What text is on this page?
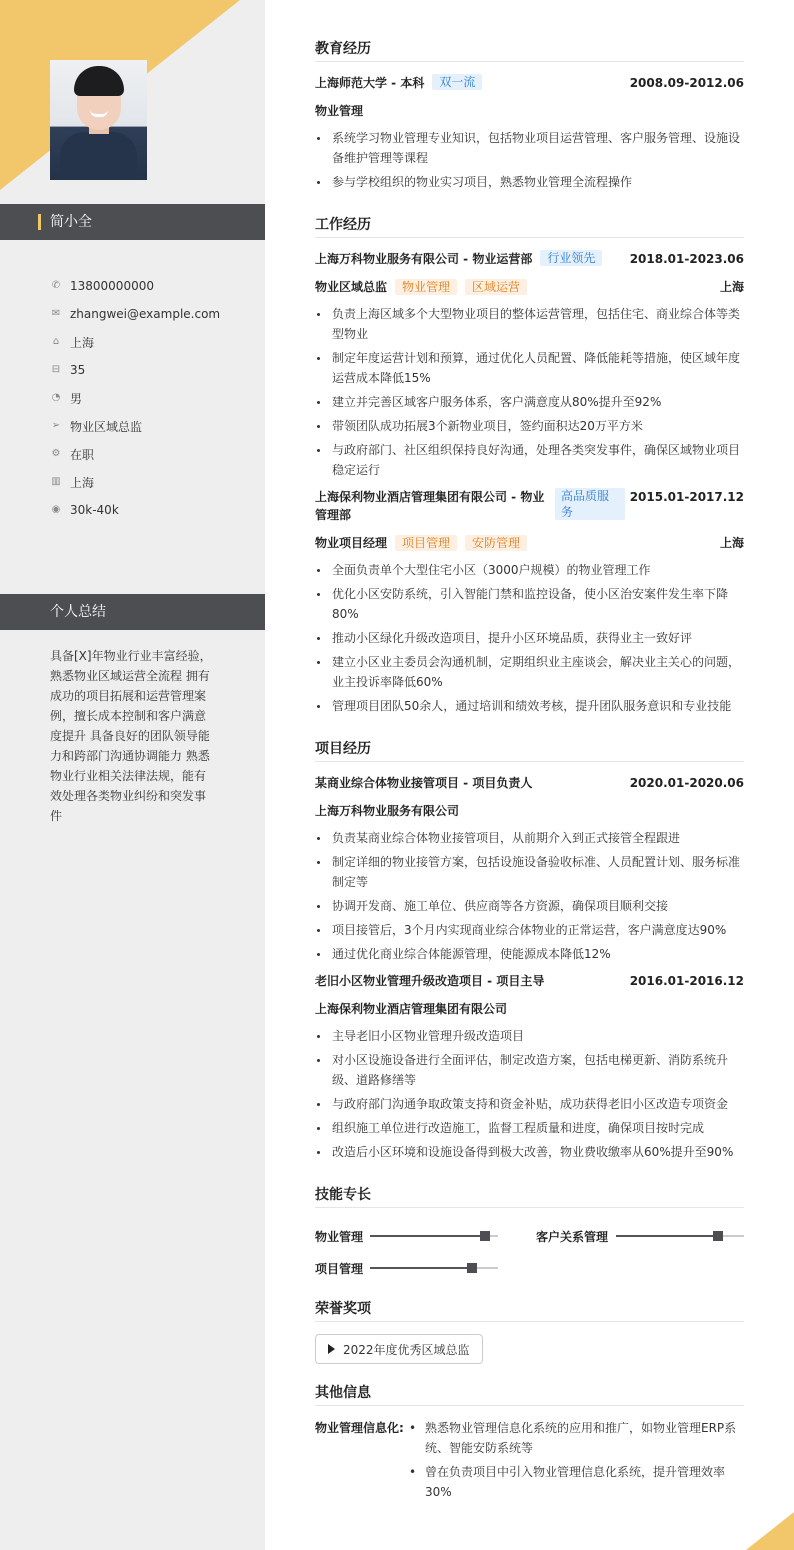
简小全
✆ 13800000000
✉ zhangwei@example.com
⌂ 上海
⊟ 35
◔ 男
➢ 物业区域总监
⚙ 在职
▥ 上海
◉ 30k-40k
个人总结
具备[X]年物业行业丰富经验，熟悉物业区域运营全流程 拥有成功的项目拓展和运营管理案例，擅长成本控制和客户满意度提升 具备良好的团队领导能力和跨部门沟通协调能力 熟悉物业行业相关法律法规，能有效处理各类物业纠纷和突发事件
教育经历
上海师范大学 - 本科	双一流	2008.09-2012.06
物业管理
系统学习物业管理专业知识，包括物业项目运营管理、客户服务管理、设施设备维护管理等课程
参与学校组织的物业实习项目，熟悉物业管理全流程操作
工作经历
上海万科物业服务有限公司 - 物业运营部	行业领先	2018.01-2023.06
物业区域总监	物业管理	区域运营	上海
负责上海区域多个大型物业项目的整体运营管理，包括住宅、商业综合体等类型物业
制定年度运营计划和预算，通过优化人员配置、降低能耗等措施，使区域年度运营成本降低15%
建立并完善区域客户服务体系，客户满意度从80%提升至92%
带领团队成功拓展3个新物业项目，签约面积达20万平方米
与政府部门、社区组织保持良好沟通，处理各类突发事件，确保区域物业项目稳定运行
上海保利物业酒店管理集团有限公司 - 物业管理部
高品质服务
2015.01-2017.12
物业项目经理	项目管理	安防管理	上海
全面负责单个大型住宅小区（3000户规模）的物业管理工作
优化小区安防系统，引入智能门禁和监控设备，使小区治安案件发生率下降80%
推动小区绿化升级改造项目，提升小区环境品质，获得业主一致好评
建立小区业主委员会沟通机制，定期组织业主座谈会，解决业主关心的问题，业主投诉率降低60%
管理项目团队50余人，通过培训和绩效考核，提升团队服务意识和专业技能
项目经历
某商业综合体物业接管项目 - 项目负责人	2020.01-2020.06
上海万科物业服务有限公司
负责某商业综合体物业接管项目，从前期介入到正式接管全程跟进
制定详细的物业接管方案，包括设施设备验收标准、人员配置计划、服务标准制定等
协调开发商、施工单位、供应商等各方资源，确保项目顺利交接
项目接管后，3个月内实现商业综合体物业的正常运营，客户满意度达90%
通过优化商业综合体能源管理，使能源成本降低12%
老旧小区物业管理升级改造项目 - 项目主导	2016.01-2016.12
上海保利物业酒店管理集团有限公司
主导老旧小区物业管理升级改造项目
对小区设施设备进行全面评估，制定改造方案，包括电梯更新、消防系统升级、道路修缮等
与政府部门沟通争取政策支持和资金补贴，成功获得老旧小区改造专项资金
组织施工单位进行改造施工，监督工程质量和进度，确保项目按时完成
改造后小区环境和设施设备得到极大改善，物业费收缴率从60%提升至90%
技能专长
物业管理	客户关系管理
项目管理
荣誉奖项
2022年度优秀区域总监
其他信息
物业管理信息化:
•	熟悉物业管理信息化系统的应用和推广，如物业管理ERP系统、智能安防系统等
• 曾在负责项目中引入物业管理信息化系统，提升管理效率30%
